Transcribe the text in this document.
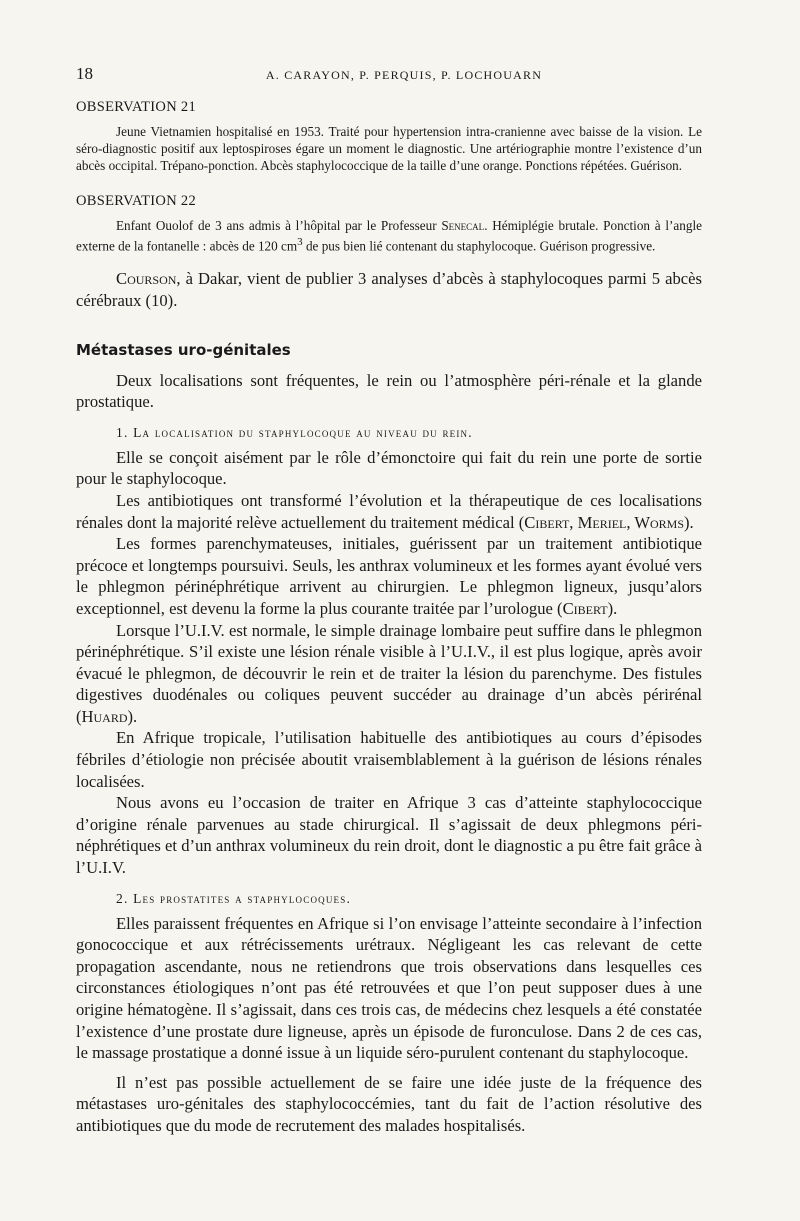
18	A. CARAYON, P. PERQUIS, P. LOCHOUARN
OBSERVATION 21

Jeune Vietnamien hospitalisé en 1953. Traité pour hypertension intra-cranienne avec baisse de la vision. Le séro-diagnostic positif aux leptospiroses égare un moment le diagnostic. Une artériographie montre l’existence d’un abcès occipital. Trépano-ponction. Abcès staphylococcique de la taille d’une orange. Ponctions répétées. Guérison.

OBSERVATION 22

Enfant Ouolof de 3 ans admis à l’hôpital par le Professeur Senecal. Hémiplégie brutale. Ponction à l’angle externe de la fontanelle : abcès de 120 $cm^3$ de pus bien lié contenant du staphylocoque. Guérison progressive.

Courson, à Dakar, vient de publier 3 analyses d’abcès à staphylocoques parmi 5 abcès cérébraux (10).

Métastases uro-génitales

Deux localisations sont fréquentes, le rein ou l’atmosphère péri-rénale et la glande prostatique.

1. La localisation du staphylocoque au niveau du rein.

Elle se conçoit aisément par le rôle d’émonctoire qui fait du rein une porte de sortie pour le staphylocoque.

Les antibiotiques ont transformé l’évolution et la thérapeutique de ces localisations rénales dont la majorité relève actuellement du traitement médical (Cibert, Meriel, Worms).

Les formes parenchymateuses, initiales, guérissent par un traitement antibiotique précoce et longtemps poursuivi. Seuls, les anthrax volumineux et les formes ayant évolué vers le phlegmon périnéphrétique arrivent au chirurgien. Le phlegmon ligneux, jusqu’alors exceptionnel, est devenu la forme la plus courante traitée par l’urologue (Cibert).

Lorsque l’U.I.V. est normale, le simple drainage lombaire peut suffire dans le phlegmon périnéphrétique. S’il existe une lésion rénale visible à l’U.I.V., il est plus logique, après avoir évacué le phlegmon, de découvrir le rein et de traiter la lésion du parenchyme. Des fistules digestives duodénales ou coliques peuvent succéder au drainage d’un abcès périrénal (Huard).

En Afrique tropicale, l’utilisation habituelle des antibiotiques au cours d’épisodes fébriles d’étiologie non précisée aboutit vraisemblablement à la guérison de lésions rénales localisées.

Nous avons eu l’occasion de traiter en Afrique 3 cas d’atteinte staphylococcique d’origine rénale parvenues au stade chirurgical. Il s’agissait de deux phlegmons péri-néphrétiques et d’un anthrax volumineux du rein droit, dont le diagnostic a pu être fait grâce à l’U.I.V.

2. Les prostatites a staphylocoques.

Elles paraissent fréquentes en Afrique si l’on envisage l’atteinte secondaire à l’infection gonococcique et aux rétrécissements urétraux. Négligeant les cas relevant de cette propagation ascendante, nous ne retiendrons que trois observations dans lesquelles ces circonstances étiologiques n’ont pas été retrouvées et que l’on peut supposer dues à une origine hématogène. Il s’agissait, dans ces trois cas, de médecins chez lesquels a été constatée l’existence d’une prostate dure ligneuse, après un épisode de furonculose. Dans 2 de ces cas, le massage prostatique a donné issue à un liquide séro-purulent contenant du staphylocoque.

Il n’est pas possible actuellement de se faire une idée juste de la fréquence des métastases uro-génitales des staphylococcémies, tant du fait de l’action résolutive des antibiotiques que du mode de recrutement des malades hospitalisés.
